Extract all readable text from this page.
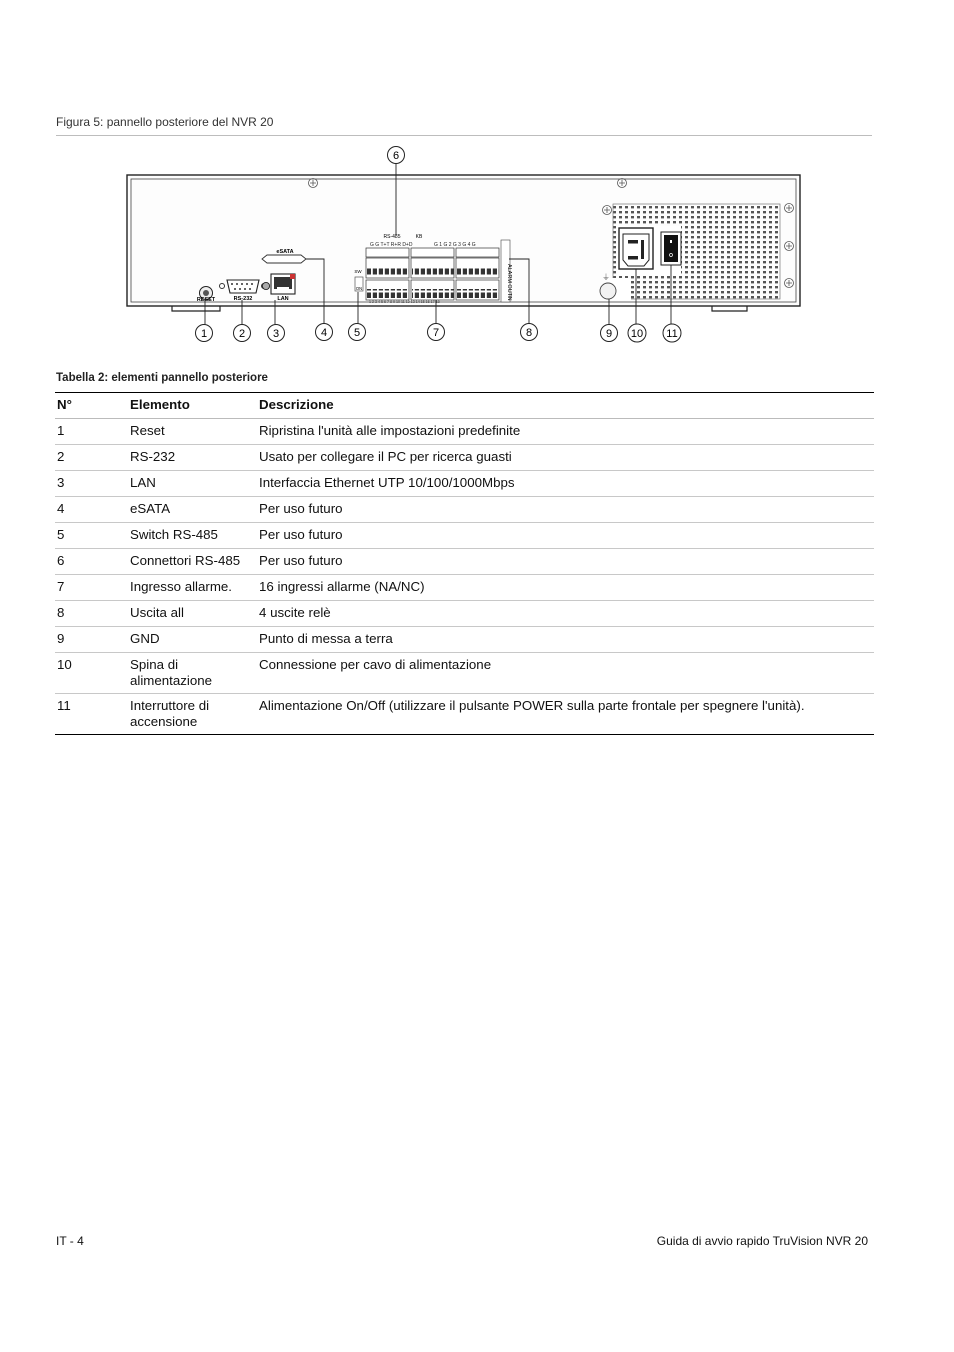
Figura 5: pannello posteriore del NVR 20
RESET	RS-232	LAN
eSATA
SW
ON
RS-485	KB
G G T+T R+R D+D	G 1 G 2 G 3 G 4 G
1 2 3 4 5 6 7 8 9 10 11 12 13 14 15 16 17 18
ALARM OUT
IN
⏚
6
1	2	3	4 5	7	8	9 10 11
Tabella 2: elementi pannello posteriore
N°	Elemento	Descrizione
1	Reset	Ripristina l'unità alle impostazioni predefinite
2	RS-232	Usato per collegare il PC per ricerca guasti
3	LAN	Interfaccia Ethernet UTP 10/100/1000Mbps
4	eSATA	Per uso futuro
5	Switch RS-485	Per uso futuro
6	Connettori RS-485	Per uso futuro
7	Ingresso allarme.	16 ingressi allarme (NA/NC)
8	Uscita all	4 uscite relè
9	GND	Punto di messa a terra
10	Spina di alimentazione	Connessione per cavo di alimentazione
11	Interruttore di accensione	Alimentazione On/Off (utilizzare il pulsante POWER sulla parte frontale per spegnere l'unità).
IT - 4	Guida di avvio rapido TruVision NVR 20
